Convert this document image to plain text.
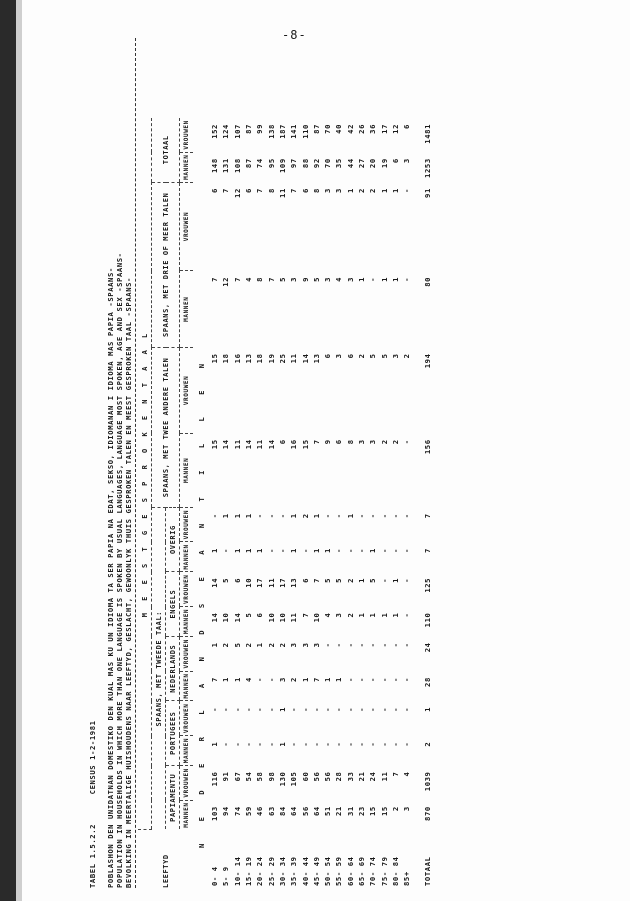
-8-
TABEL 1.5.2.2      CENSUS 1-2-1981 POBLASHON DEN UNIDATNAN DOMESTIKO DEN KUAL MAS KU UN IDIOMA TA SER PAPIA NA EDAT, SEKSO, IDIOMANAN I IDIOMA MAS PAPIA -SPAANS- POPULATION IN HOUSEHOLDS IN WHICH MORE THAN ONE LANGUAGE IS SPOKEN BY USUAL LANGUAGES, LANGUAGE MOST SPOKEN, AGE AND SEX -SPAANS- BEVOLKING IN MEERTALIGE HUISHOUDENS NAAR LEEFTYD, GESLACHT, GEWOONLYK THUIS GESPROKEN TALEN EN MEEST GESPROKEN TAAL -SPAANS-	LEEFTYD	M E E S T G E S P R O K E N T A A L															
	SPAANS, MET TWEEDE TAAL:										SPAANS, MET TWEE ANDERE TALEN		SPAANS, MET DRIE OF MEER TALEN		TOTAAL	
	PAPIAMENTU		PORTUGEES		NEDERLANDS		ENGELS		OVERIG							
	MANNEN	VROUWEN	MANNEN	VROUWEN	MANNEN	VROUWEN	MANNEN	VROUWEN	MANNEN	VROUWEN	MANNEN	VROUWEN	MANNEN	VROUWEN	MANNEN	VROUWEN
N E D E R L A N D S E A N T I L L E N																
0- 4	103	116	1	-	7	1	14	14	1	-	15	15	7	6	148	152
5- 9	94	91	-	-	1	2	10	5	-	1	14	18	12	7	131	124
10- 14	74	67	-	-	1	5	14	6	1	1	11	16	7	12	108	107
15- 19	59	54	-	-	4	2	5	10	1	1	14	13	4	6	87	87
20- 24	46	58	-	-	-	1	6	17	1	-	11	18	8	7	74	99
25- 29	63	98	-	-	-	2	10	11	-	-	14	19	7	8	95	138
30- 34	84	130	1	1	3	2	10	17	-	-	6	25	5	11	109	187
35- 39	64	105	-	-	2	3	11	13	1	1	16	11	3	7	97	141
40- 44	56	60	-	-	1	3	7	6	-	2	15	14	9	6	88	110
45- 49	64	56	-	-	7	3	10	7	1	1	7	13	5	8	92	87
50- 54	51	56	-	-	1	-	4	5	1	-	9	6	3	3	70	70
55- 59	21	28	-	-	1	-	3	5	-	-	6	3	4	3	35	40
60- 64	31	33	-	-	-	-	2	2	-	1	8	6	3	1	44	42
65- 69	23	21	-	-	-	-	1	1	-	-	3	2	1	2	27	26
70- 74	15	24	-	-	-	-	1	5	1	-	3	5	-	2	20	36
75- 79	15	11	-	-	-	-	1	-	-	-	2	5	1	1	19	17
80- 84	2	7	-	-	-	-	1	1	-	-	2	3	1	1	6	12
85+	3	4	-	-	-	-	-	-	-	-	-	2	-	-	3	6
TOTAAL	870	1039	2	1	28	24	110	125	7	7	156	194	80	91	1253	1481
